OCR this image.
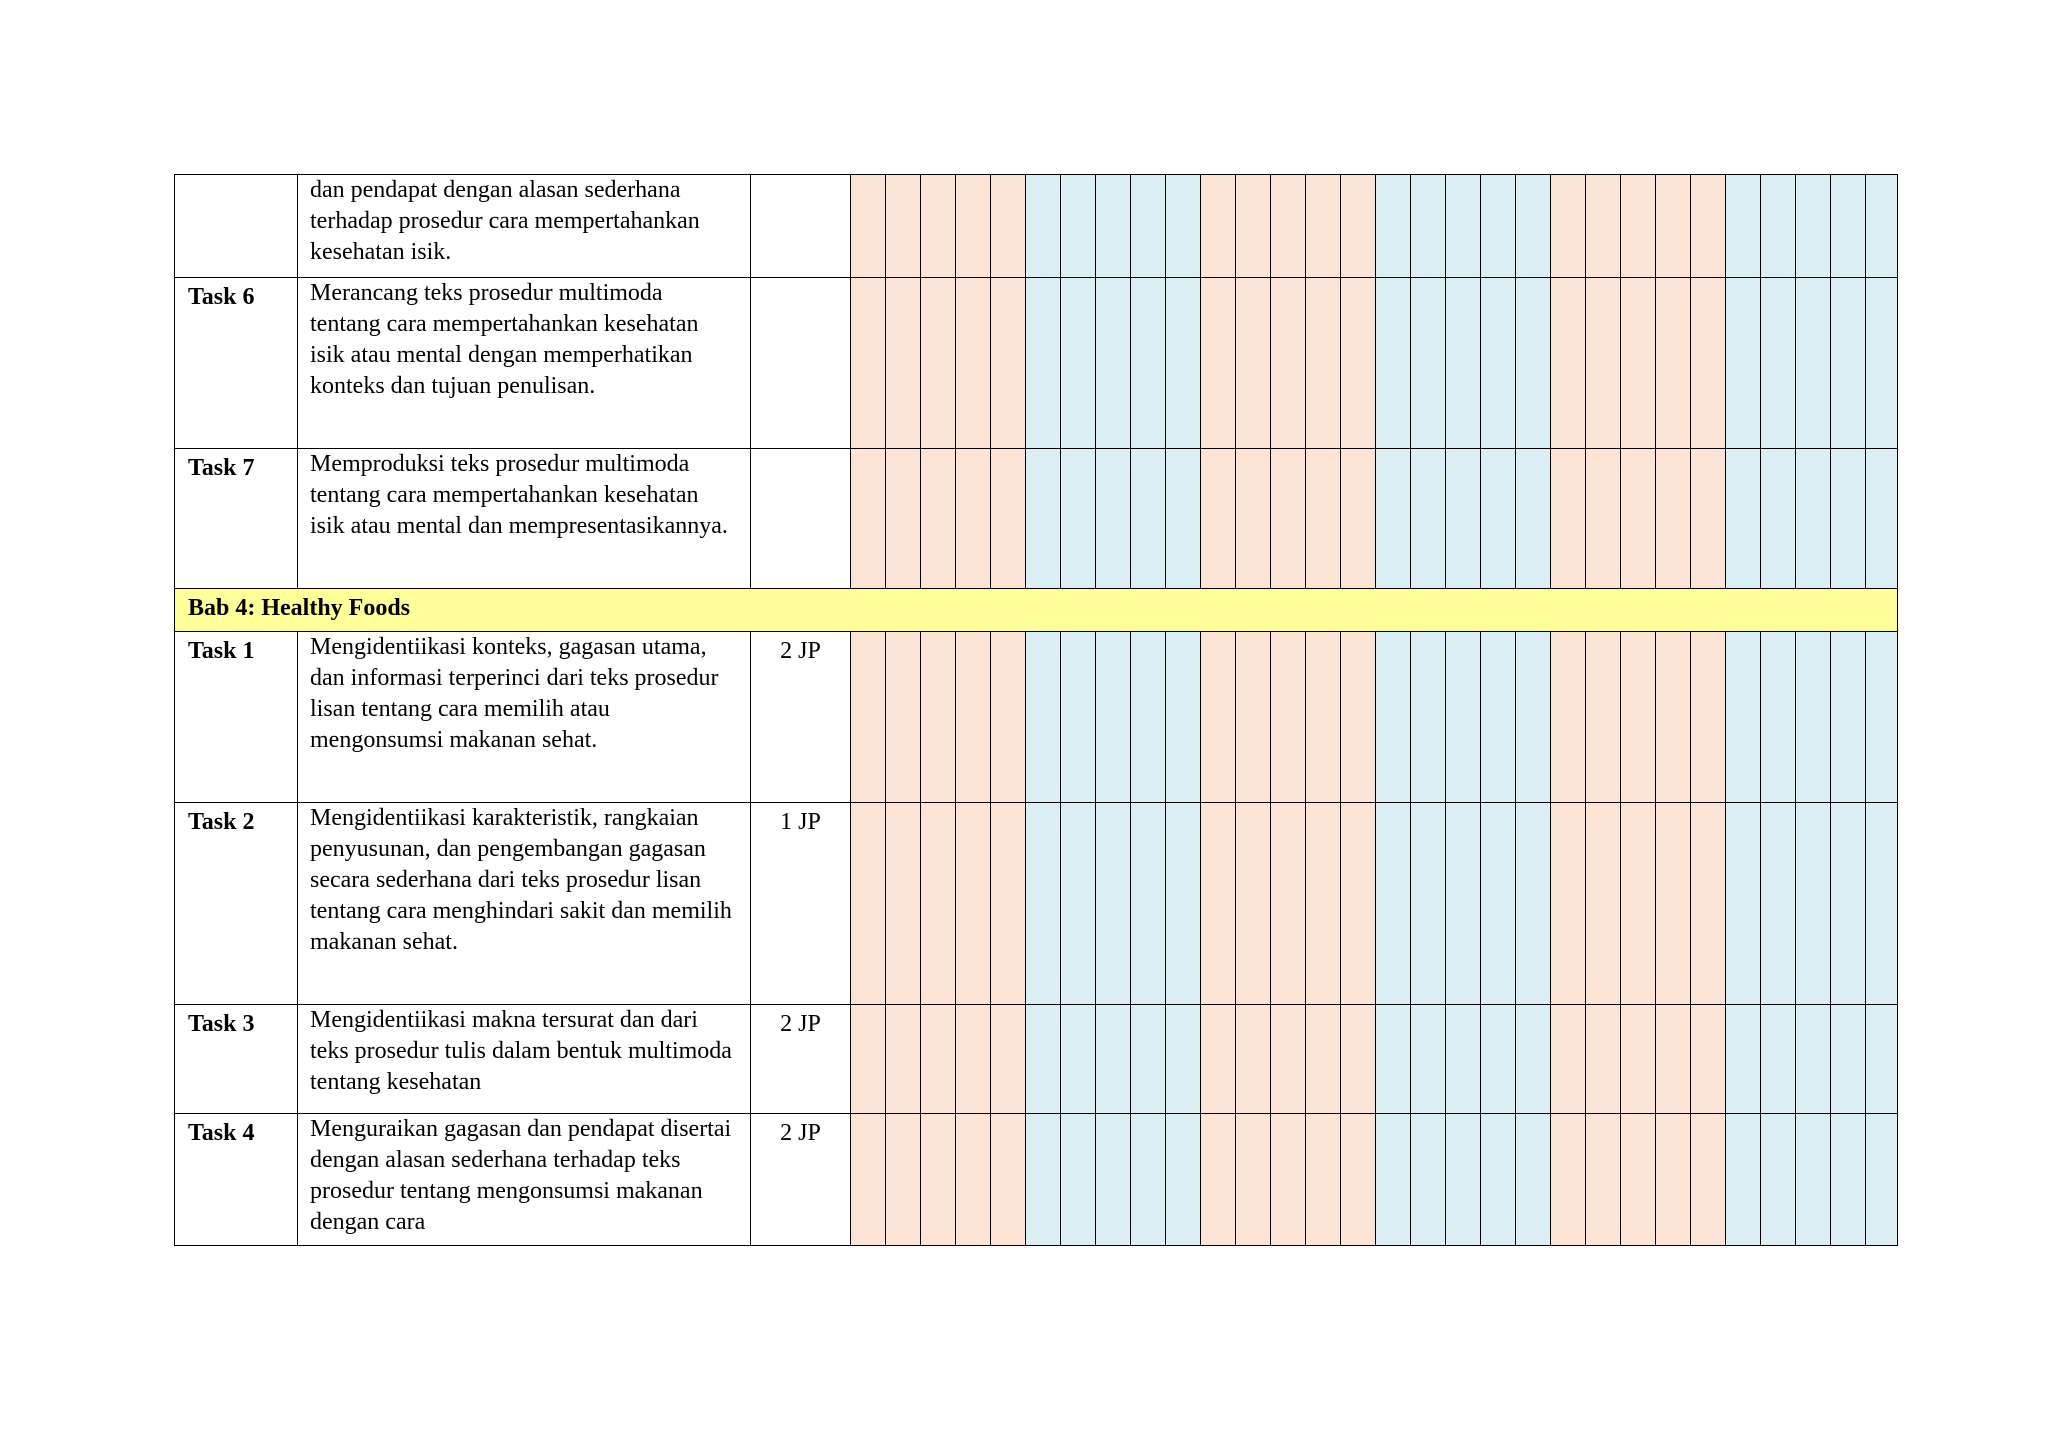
	dan pendapat dengan alasan sederhana terhadap prosedur cara mempertahankan kesehatan isik.																															
Task 6	Merancang teks prosedur multimoda tentang cara mempertahankan kesehatan isik atau mental dengan memperhatikan konteks dan tujuan penulisan.																															
Task 7	Memproduksi teks prosedur multimoda tentang cara mempertahankan kesehatan isik atau mental dan mempresentasikannya.																															
Bab 4: Healthy Foods																																
Task 1	Mengidentiikasi konteks, gagasan utama, dan informasi terperinci dari teks prosedur lisan tentang cara memilih atau mengonsumsi makanan sehat.	2 JP																														
Task 2	Mengidentiikasi karakteristik, rangkaian penyusunan, dan pengembangan gagasan secara sederhana dari teks prosedur lisan tentang cara menghindari sakit dan memilih makanan sehat.	1 JP																														
Task 3	Mengidentiikasi makna tersurat dan dari teks prosedur tulis dalam bentuk multimoda tentang kesehatan	2 JP																														
Task 4	Menguraikan gagasan dan pendapat disertai dengan alasan sederhana terhadap teks prosedur tentang mengonsumsi makanan dengan cara	2 JP																														
